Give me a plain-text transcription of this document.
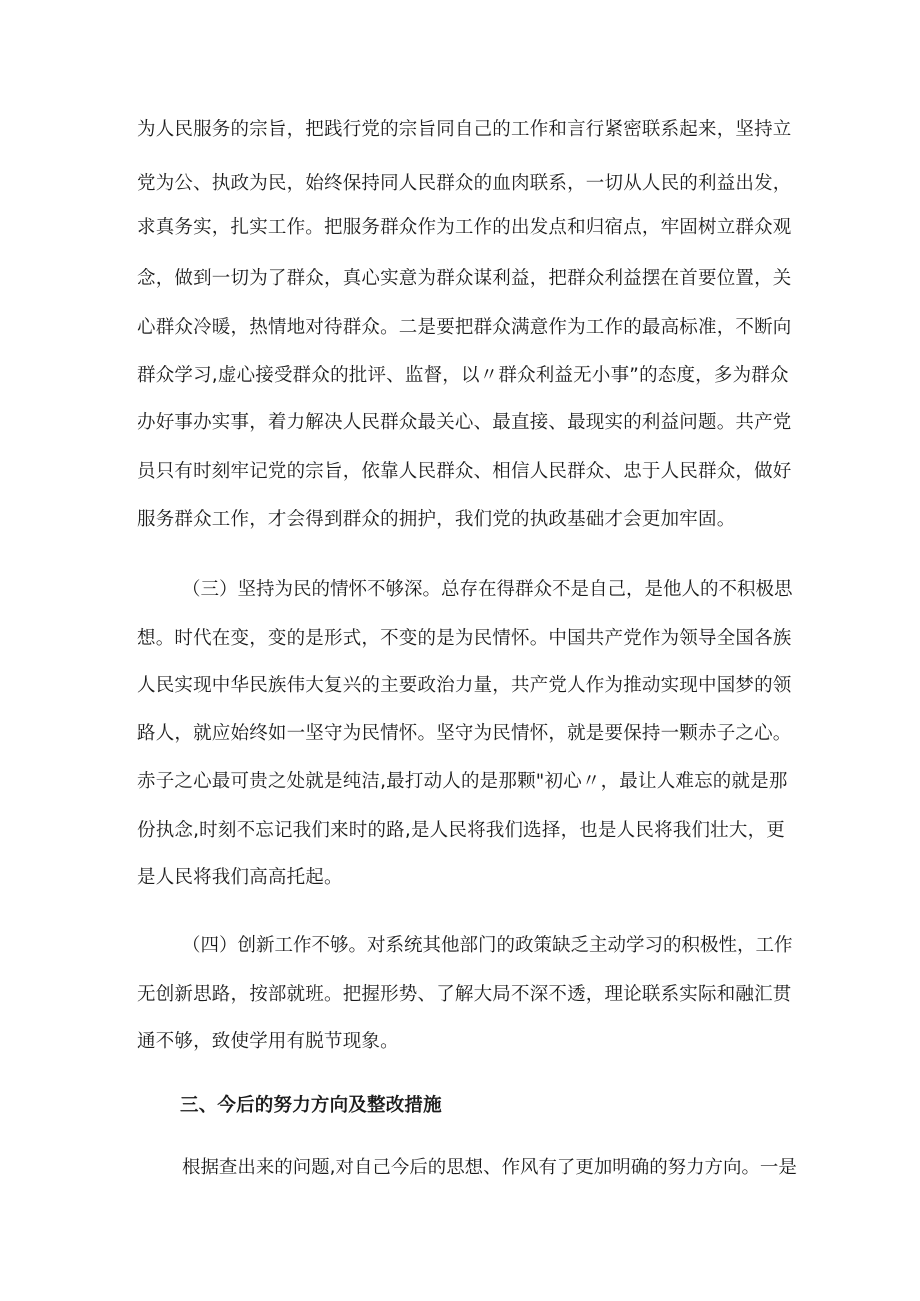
为人民服务的宗旨，把践行党的宗旨同自己的工作和言行紧密联系起来，坚持立
党为公、执政为民，始终保持同人民群众的血肉联系，一切从人民的利益出发，
求真务实，扎实工作。把服务群众作为工作的出发点和归宿点，牢固树立群众观
念，做到一切为了群众，真心实意为群众谋利益，把群众利益摆在首要位置，关
心群众冷暖，热情地对待群众。二是要把群众满意作为工作的最高标准，不断向
群众学习,虚心接受群众的批评、监督，以〃群众利益无小事”的态度，多为群众
办好事办实事，着力解决人民群众最关心、最直接、最现实的利益问题。共产党
员只有时刻牢记党的宗旨，依靠人民群众、相信人民群众、忠于人民群众，做好
服务群众工作，才会得到群众的拥护，我们党的执政基础才会更加牢固。
（三）坚持为民的情怀不够深。总存在得群众不是自己，是他人的不积极思
想。时代在变，变的是形式，不变的是为民情怀。中国共产党作为领导全国各族
人民实现中华民族伟大复兴的主要政治力量，共产党人作为推动实现中国梦的领
路人，就应始终如一坚守为民情怀。坚守为民情怀，就是要保持一颗赤子之心。
赤子之心最可贵之处就是纯洁,最打动人的是那颗"初心〃，最让人难忘的就是那
份执念,时刻不忘记我们来时的路,是人民将我们选择，也是人民将我们壮大，更
是人民将我们高高托起。
（四）创新工作不够。对系统其他部门的政策缺乏主动学习的积极性，工作
无创新思路，按部就班。把握形势、了解大局不深不透，理论联系实际和融汇贯
通不够，致使学用有脱节现象。
三、今后的努力方向及整改措施
根据查出来的问题,对自己今后的思想、作风有了更加明确的努力方向。一是
